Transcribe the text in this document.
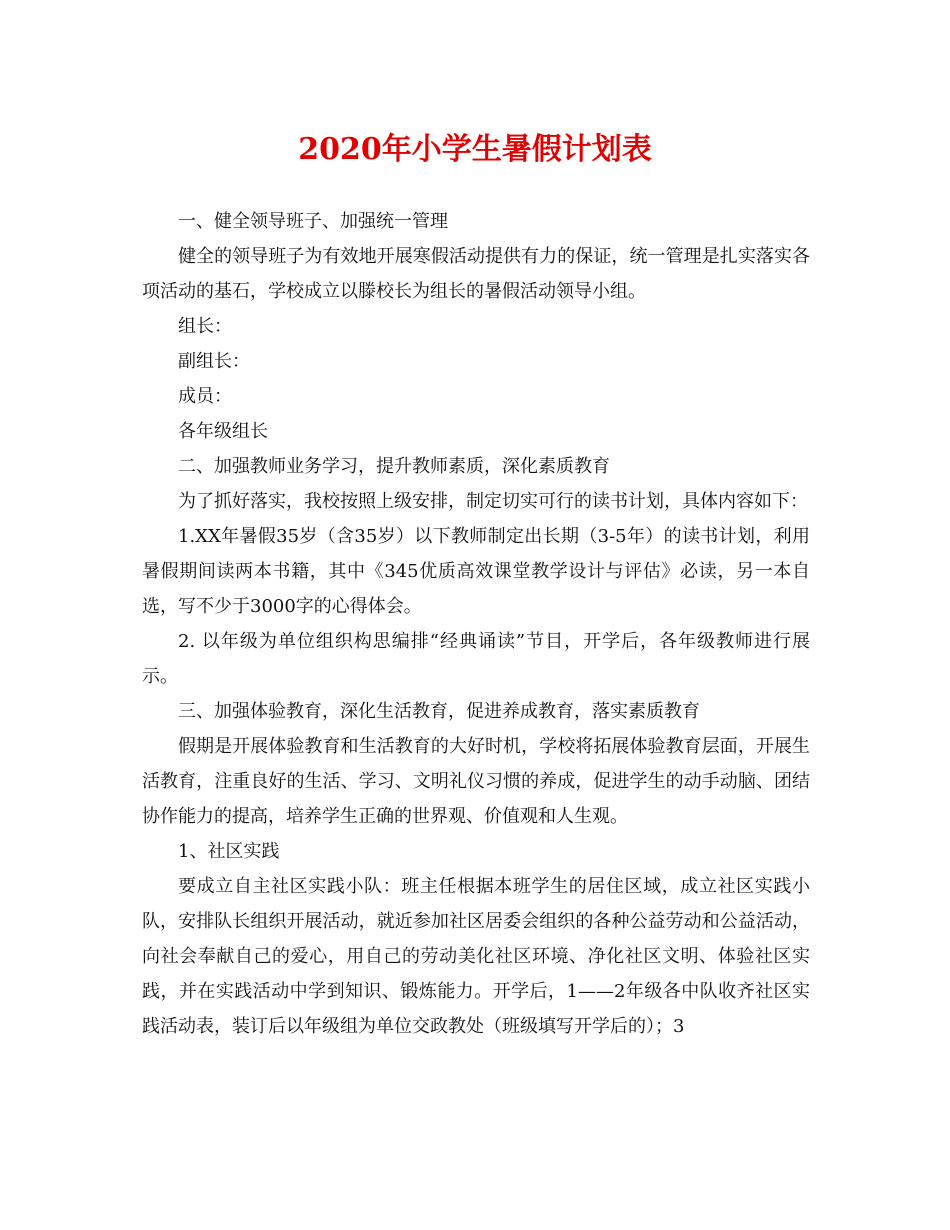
2020年小学生暑假计划表

一、健全领导班子、加强统一管理

健全的领导班子为有效地开展寒假活动提供有力的保证，统一管理是扎实落实各项活动的基石，学校成立以滕校长为组长的暑假活动领导小组。

组长：

副组长：

成员：

各年级组长

二、加强教师业务学习，提升教师素质，深化素质教育

为了抓好落实，我校按照上级安排，制定切实可行的读书计划，具体内容如下：

1.XX年暑假35岁（含35岁）以下教师制定出长期（3-5年）的读书计划，利用暑假期间读两本书籍，其中《345优质高效课堂教学设计与评估》必读，另一本自选，写不少于3000字的心得体会。

2. 以年级为单位组织构思编排“经典诵读”节目，开学后，各年级教师进行展示。

三、加强体验教育，深化生活教育，促进养成教育，落实素质教育

假期是开展体验教育和生活教育的大好时机，学校将拓展体验教育层面，开展生活教育，注重良好的生活、学习、文明礼仪习惯的养成，促进学生的动手动脑、团结协作能力的提高，培养学生正确的世界观、价值观和人生观。

1、社区实践

要成立自主社区实践小队：班主任根据本班学生的居住区域，成立社区实践小队，安排队长组织开展活动，就近参加社区居委会组织的各种公益劳动和公益活动，向社会奉献自己的爱心，用自己的劳动美化社区环境、净化社区文明、体验社区实践，并在实践活动中学到知识、锻炼能力。开学后，1——2年级各中队收齐社区实践活动表，装订后以年级组为单位交政教处（班级填写开学后的）；3
